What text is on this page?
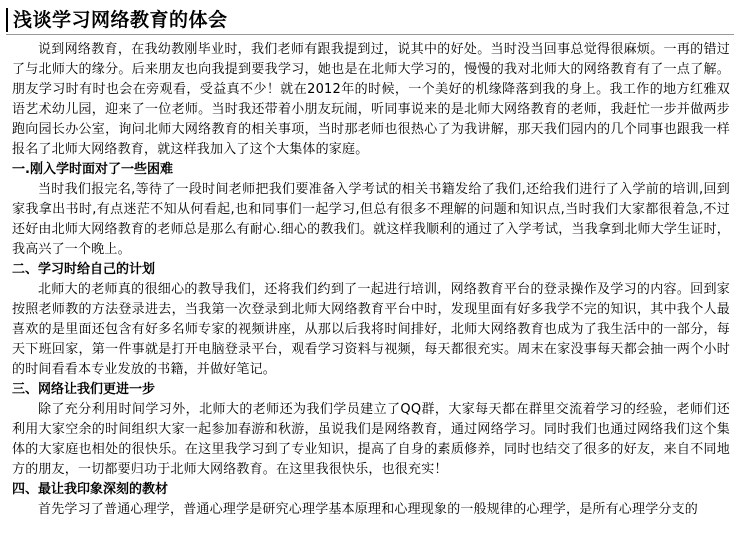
浅谈学习网络教育的体会

说到网络教育，在我幼教刚毕业时，我们老师有跟我提到过，说其中的好处。当时没当回事总觉得很麻烦。一再的错过了与北师大的缘分。后来朋友也向我提到要我学习，她也是在北师大学习的，慢慢的我对北师大的网络教育有了一点了解。朋友学习时有时也会在旁观看，受益真不少！就在2012年的时候，一个美好的机缘降落到我的身上。我工作的地方红雅双语艺术幼儿园，迎来了一位老师。当时我还带着小朋友玩闹，听同事说来的是北师大网络教育的老师，我赶忙一步并做两步跑向园长办公室，询问北师大网络教育的相关事项，当时那老师也很热心了为我讲解，那天我们园内的几个同事也跟我一样报名了北师大网络教育，就这样我加入了这个大集体的家庭。

一.刚入学时面对了一些困难

当时我们报完名,等待了一段时间老师把我们要准备入学考试的相关书籍发给了我们,还给我们进行了入学前的培训,回到家我拿出书时,有点迷茫不知从何看起,也和同事们一起学习,但总有很多不理解的问题和知识点,当时我们大家都很着急,不过还好由北师大网络教育的老师总是那么有耐心.细心的教我们。就这样我顺利的通过了入学考试，当我拿到北师大学生证时，我高兴了一个晚上。

二、学习时给自己的计划

北师大的老师真的很细心的教导我们，还将我们约到了一起进行培训，网络教育平台的登录操作及学习的内容。回到家按照老师教的方法登录进去，当我第一次登录到北师大网络教育平台中时，发现里面有好多我学不完的知识，其中我个人最喜欢的是里面还包含有好多名师专家的视频讲座，从那以后我将时间排好，北师大网络教育也成为了我生活中的一部分，每天下班回家，第一件事就是打开电脑登录平台，观看学习资料与视频，每天都很充实。周末在家没事每天都会抽一两个小时的时间看看本专业发放的书籍，并做好笔记。

三、网络让我们更进一步

除了充分利用时间学习外，北师大的老师还为我们学员建立了QQ群，大家每天都在群里交流着学习的经验，老师们还利用大家空余的时间组织大家一起参加春游和秋游，虽说我们是网络教育，通过网络学习。同时我们也通过网络我们这个集体的大家庭也相处的很快乐。在这里我学习到了专业知识，提高了自身的素质修养，同时也结交了很多的好友，来自不同地方的朋友，一切都要归功于北师大网络教育。在这里我很快乐，也很充实！

四、最让我印象深刻的教材

首先学习了普通心理学，普通心理学是研究心理学基本原理和心理现象的一般规律的心理学，是所有心理学分支的
